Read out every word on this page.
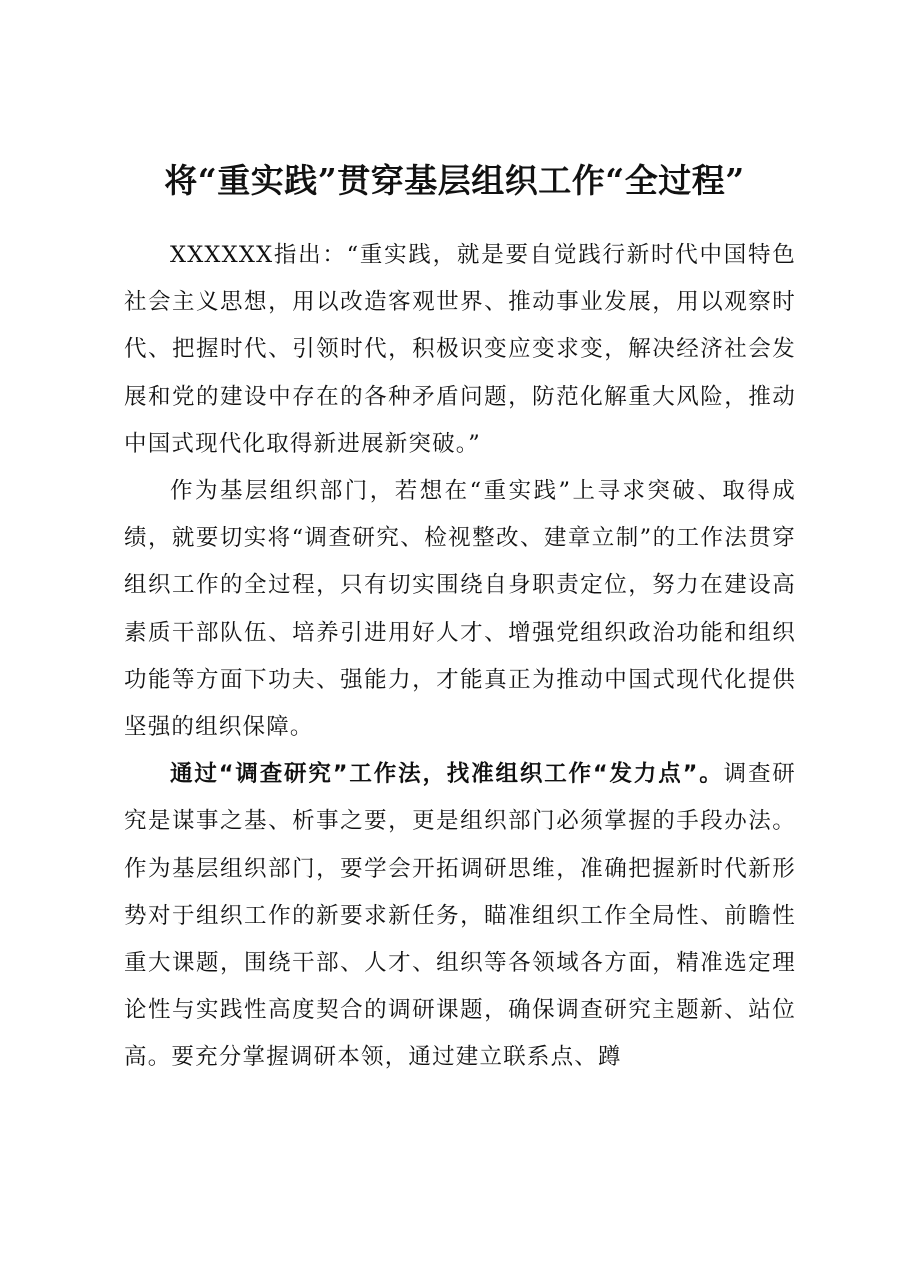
将“重实践”贯穿基层组织工作“全过程”

XXXXXX指出：“重实践，就是要自觉践行新时代中国特色社会主义思想，用以改造客观世界、推动事业发展，用以观察时代、把握时代、引领时代，积极识变应变求变，解决经济社会发展和党的建设中存在的各种矛盾问题，防范化解重大风险，推动中国式现代化取得新进展新突破。”

作为基层组织部门，若想在“重实践”上寻求突破、取得成绩，就要切实将“调查研究、检视整改、建章立制”的工作法贯穿组织工作的全过程，只有切实围绕自身职责定位，努力在建设高素质干部队伍、培养引进用好人才、增强党组织政治功能和组织功能等方面下功夫、强能力，才能真正为推动中国式现代化提供坚强的组织保障。

通过“调查研究”工作法，找准组织工作“发力点”。调查研究是谋事之基、析事之要，更是组织部门必须掌握的手段办法。作为基层组织部门，要学会开拓调研思维，准确把握新时代新形势对于组织工作的新要求新任务，瞄准组织工作全局性、前瞻性重大课题，围绕干部、人才、组织等各领域各方面，精准选定理论性与实践性高度契合的调研课题，确保调查研究主题新、站位高。要充分掌握调研本领，通过建立联系点、蹲
